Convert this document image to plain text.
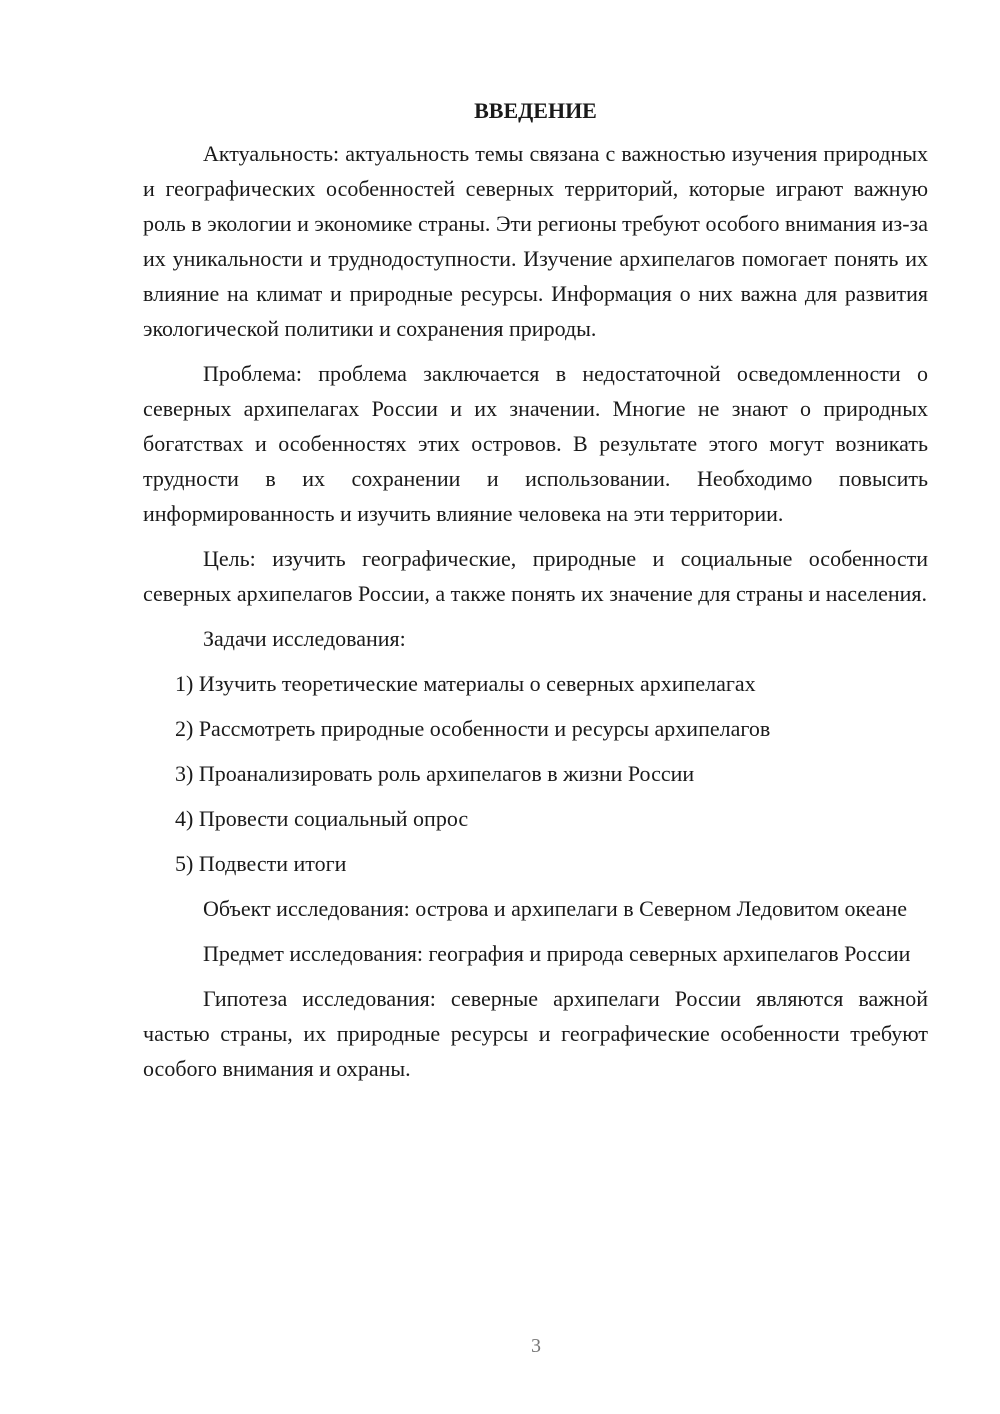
ВВЕДЕНИЕ

Актуальность: актуальность темы связана с важностью изучения природных и географических особенностей северных территорий, которые играют важную роль в экологии и экономике страны. Эти регионы требуют особого внимания из-за их уникальности и труднодоступности. Изучение архипелагов помогает понять их влияние на климат и природные ресурсы. Информация о них важна для развития экологической политики и сохранения природы.

Проблема: проблема заключается в недостаточной осведомленности о северных архипелагах России и их значении. Многие не знают о природных богатствах и особенностях этих островов. В результате этого могут возникать трудности в их сохранении и использовании. Необходимо повысить информированность и изучить влияние человека на эти территории.

Цель: изучить географические, природные и социальные особенности северных архипелагов России, а также понять их значение для страны и населения.

Задачи исследования:

1) Изучить теоретические материалы о северных архипелагах

2) Рассмотреть природные особенности и ресурсы архипелагов

3) Проанализировать роль архипелагов в жизни России

4) Провести социальный опрос

5) Подвести итоги

Объект исследования: острова и архипелаги в Северном Ледовитом океане

Предмет исследования: география и природа северных архипелагов России

Гипотеза исследования: северные архипелаги России являются важной частью страны, их природные ресурсы и географические особенности требуют особого внимания и охраны.

3
